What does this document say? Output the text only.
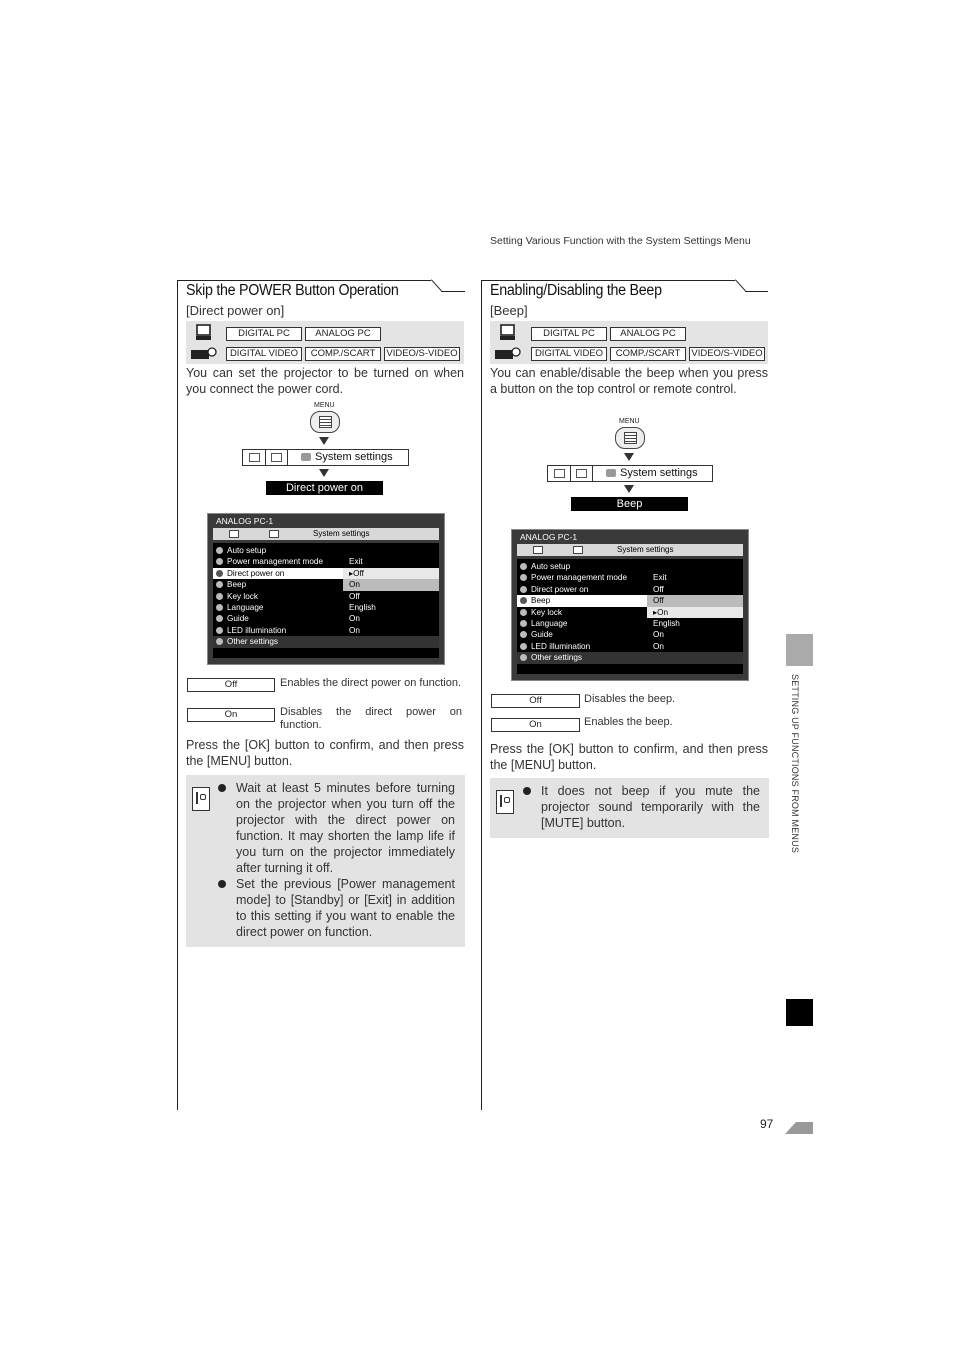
Setting Various Function with the System Settings Menu
Skip the POWER Button Operation
[Direct power on]
DIGITAL PC	ANALOG PC
DIGITAL VIDEO	COMP./SCART	VIDEO/S-VIDEO
You can set the projector to be turned on when you connect the power cord.
MENU
System settings
Direct power on
ANALOG PC-1
System settings
Auto setup
Power management mode	Exit
Direct power on	▸Off
Beep	On
Key lock	Off
Language	English
Guide	On
LED illumination	On
Other settings
Off	Enables the direct power on function.
On	Disables the direct power on function.
Press the [OK] button to confirm, and then press the [MENU] button.
Wait at least 5 minutes before turning on the projector when you turn off the projector with the direct power on function. It may shorten the lamp life if you turn on the projector immediately after turning it off.
Set the previous [Power management mode] to [Standby] or [Exit] in addition to this setting if you want to enable the direct power on function.
Enabling/Disabling the Beep
[Beep]
DIGITAL PC	ANALOG PC
DIGITAL VIDEO	COMP./SCART	VIDEO/S-VIDEO
You can enable/disable the beep when you press a button on the top control or remote control.
MENU
System settings
Beep
ANALOG PC-1
System settings
Auto setup
Power management mode	Exit
Direct power on	Off
Beep	Off
Key lock	▸On
Language	English
Guide	On
LED illumination	On
Other settings
Off	Disables the beep.
On	Enables the beep.
Press the [OK] button to confirm, and then press the [MENU] button.
It does not beep if you mute the projector sound temporarily with the [MUTE] button.	SETTING UP FUNCTIONS FROM MENUS
97
